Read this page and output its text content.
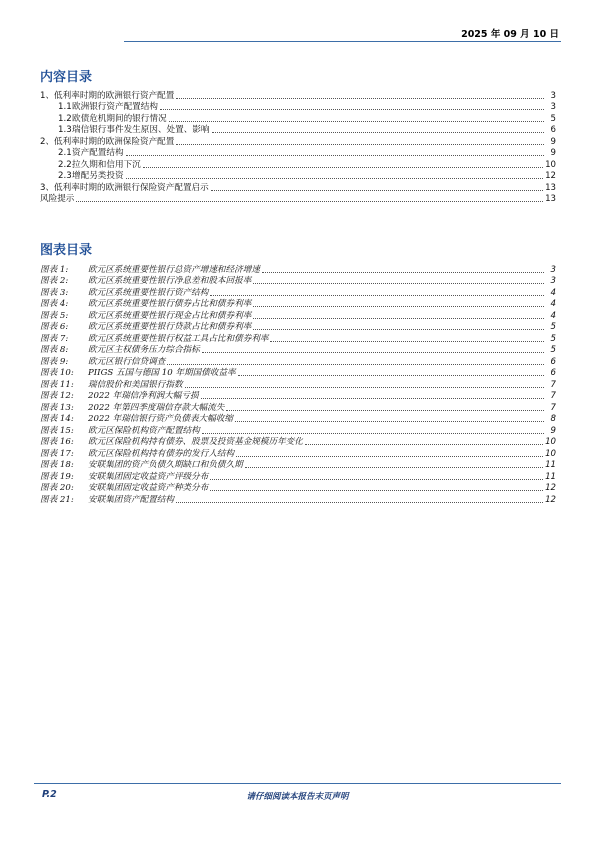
2025 年 09 月 10 日
内容目录
1、低利率时期的欧洲银行资产配置	3
1.1欧洲银行资产配置结构	3
1.2欧债危机期间的银行情况	5
1.3瑞信银行事件发生原因、处置、影响	6
2、低利率时期的欧洲保险资产配置	9
2.1资产配置结构	9
2.2拉久期和信用下沉	10
2.3增配另类投资	12
3、低利率时期的欧洲银行保险资产配置启示	13
风险提示	13
图表目录
图表 1: 欧元区系统重要性银行总资产增速和经济增速	3
图表 2: 欧元区系统重要性银行净息差和股本回报率	3
图表 3: 欧元区系统重要性银行资产结构	4
图表 4: 欧元区系统重要性银行债券占比和债券利率	4
图表 5: 欧元区系统重要性银行现金占比和债券利率	4
图表 6: 欧元区系统重要性银行贷款占比和债券利率	5
图表 7: 欧元区系统重要性银行权益工具占比和债券利率	5
图表 8: 欧元区主权债务压力综合指标	5
图表 9: 欧元区银行信贷调查	6
图表 10: PIIGS 五国与德国 10 年期国债收益率	6
图表 11: 瑞信股价和美国银行指数	7
图表 12: 2022 年瑞信净利润大幅亏损	7
图表 13: 2022 年第四季度瑞信存款大幅流失	7
图表 14: 2022 年瑞信银行资产负债表大幅收缩	8
图表 15: 欧元区保险机构资产配置结构	9
图表 16: 欧元区保险机构持有债券、股票及投资基金规模历年变化	10
图表 17: 欧元区保险机构持有债券的发行人结构	10
图表 18: 安联集团的资产负债久期缺口和负债久期	11
图表 19: 安联集团固定收益资产评级分布	11
图表 20: 安联集团固定收益资产种类分布	12
图表 21: 安联集团资产配置结构	12
P.2	请仔细阅读本报告末页声明
